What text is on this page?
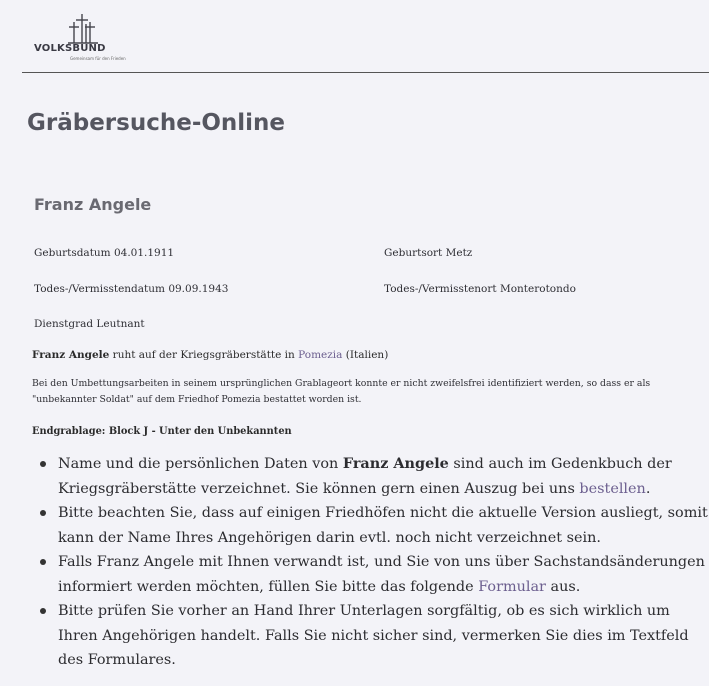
VOLKSBUND
Gemeinsam für den Frieden
Gräbersuche-Online
Franz Angele
Geburtsdatum 04.01.1911	Geburtsort Metz
Todes-/Vermisstendatum 09.09.1943	Todes-/Vermisstenort Monterotondo
Dienstgrad Leutnant

Franz Angele ruht auf der Kriegsgräberstätte in Pomezia (Italien)

Bei den Umbettungsarbeiten in seinem ursprünglichen Grablageort konnte er nicht zweifelsfrei identifiziert werden, so dass er als "unbekannter Soldat" auf dem Friedhof Pomezia bestattet worden ist.

Endgrablage: Block J - Unter den Unbekannten

Name und die persönlichen Daten von Franz Angele sind auch im Gedenkbuch der Kriegsgräberstätte verzeichnet. Sie können gern einen Auszug bei uns bestellen.
Bitte beachten Sie, dass auf einigen Friedhöfen nicht die aktuelle Version ausliegt, somit kann der Name Ihres Angehörigen darin evtl. noch nicht verzeichnet sein.
Falls Franz Angele mit Ihnen verwandt ist, und Sie von uns über Sachstandsänderungen informiert werden möchten, füllen Sie bitte das folgende Formular aus.
Bitte prüfen Sie vorher an Hand Ihrer Unterlagen sorgfältig, ob es sich wirklich um Ihren Angehörigen handelt. Falls Sie nicht sicher sind, vermerken Sie dies im Textfeld des Formulares.
